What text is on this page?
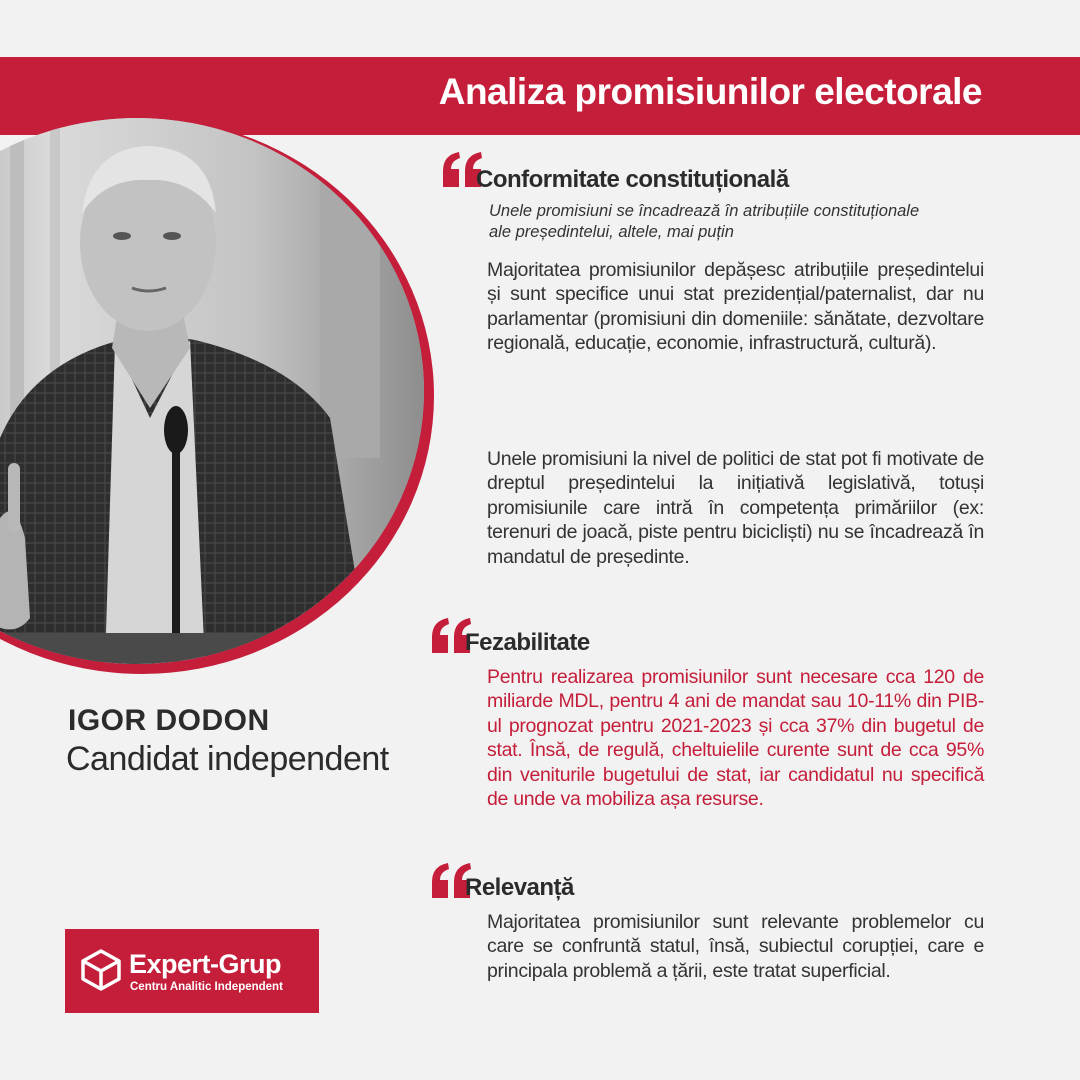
Analiza promisiunilor electorale
IGOR DODON
Candidat independent
Expert-Grup
Centru Analitic Independent
Conformitate constituțională
Unele promisiuni se încadrează în atribuțiile constituționale
ale președintelui, altele, mai puțin
Majoritatea promisiunilor depășesc atribuțiile președintelui și sunt specifice unui stat prezidențial/paternalist, dar nu parlamentar (promisiuni din domeniile: sănătate, dezvoltare regională, educație, economie, infrastructură, cultură).
Unele promisiuni la nivel de politici de stat pot fi motivate de dreptul președintelui la inițiativă legislativă, totuși promisiunile care intră în competența primăriilor (ex: terenuri de joacă, piste pentru bicicliști) nu se încadrează în mandatul de președinte.
Fezabilitate
Pentru realizarea promisiunilor sunt necesare cca 120 de miliarde MDL, pentru 4 ani de mandat sau 10-11% din PIB-ul prognozat pentru 2021-2023 și cca 37% din bugetul de stat. Însă, de regulă, cheltuielile curente sunt de cca 95% din veniturile bugetului de stat, iar candidatul nu specifică de unde va mobiliza așa resurse.
Relevanță
Majoritatea promisiunilor sunt relevante problemelor cu care se confruntă statul, însă, subiectul corupției, care e principala problemă a țării, este tratat superficial.
